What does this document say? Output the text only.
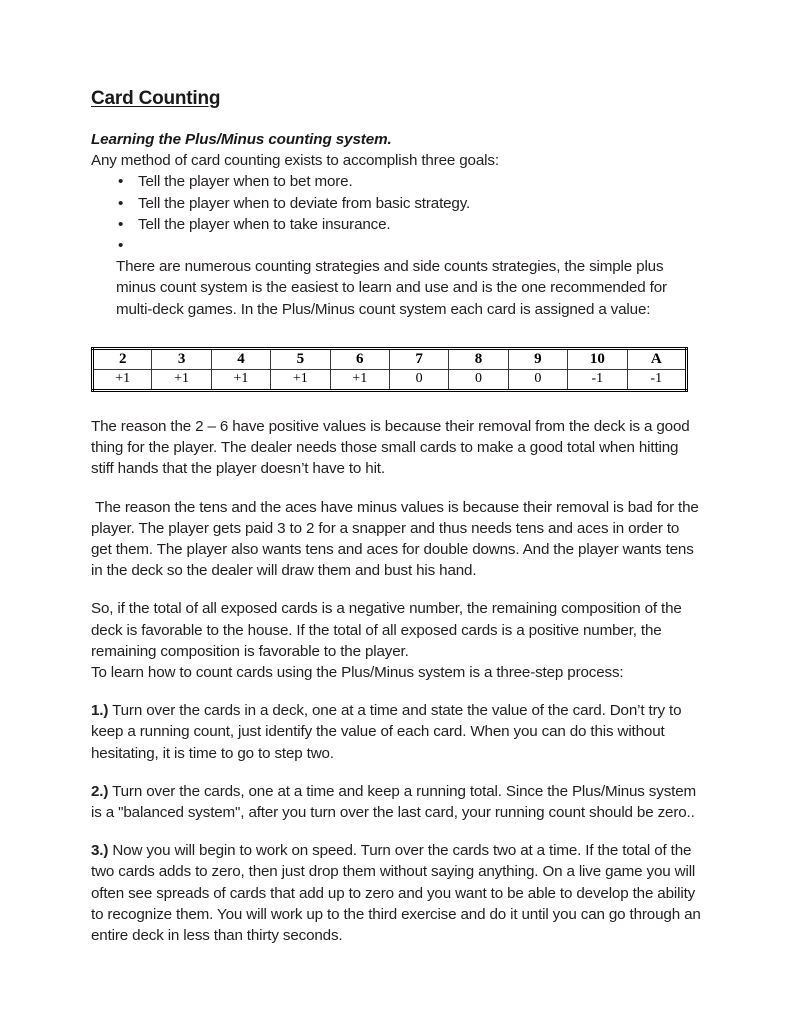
Card Counting

Learning the Plus/Minus counting system.

Any method of card counting exists to accomplish three goals:

• Tell the player when to bet more.
• Tell the player when to deviate from basic strategy.
• Tell the player when to take insurance.
•
There are numerous counting strategies and side counts strategies, the simple plus minus count system is the easiest to learn and use and is the one recommended for multi-deck games. In the Plus/Minus count system each card is assigned a value:
2	3	4	5	6	7	8	9	10	A
+1	+1	+1	+1	+1	0	0	0	-1	-1

The reason the 2 – 6 have positive values is because their removal from the deck is a good thing for the player. The dealer needs those small cards to make a good total when hitting stiff hands that the player doesn’t have to hit.

The reason the tens and the aces have minus values is because their removal is bad for the player. The player gets paid 3 to 2 for a snapper and thus needs tens and aces in order to get them. The player also wants tens and aces for double downs. And the player wants tens in the deck so the dealer will draw them and bust his hand.

So, if the total of all exposed cards is a negative number, the remaining composition of the deck is favorable to the house. If the total of all exposed cards is a positive number, the remaining composition is favorable to the player.

To learn how to count cards using the Plus/Minus system is a three-step process:

1.) Turn over the cards in a deck, one at a time and state the value of the card. Don’t try to keep a running count, just identify the value of each card. When you can do this without hesitating, it is time to go to step two.

2.) Turn over the cards, one at a time and keep a running total. Since the Plus/Minus system is a "balanced system", after you turn over the last card, your running count should be zero..

3.) Now you will begin to work on speed. Turn over the cards two at a time. If the total of the two cards adds to zero, then just drop them without saying anything. On a live game you will often see spreads of cards that add up to zero and you want to be able to develop the ability to recognize them. You will work up to the third exercise and do it until you can go through an entire deck in less than thirty seconds.
